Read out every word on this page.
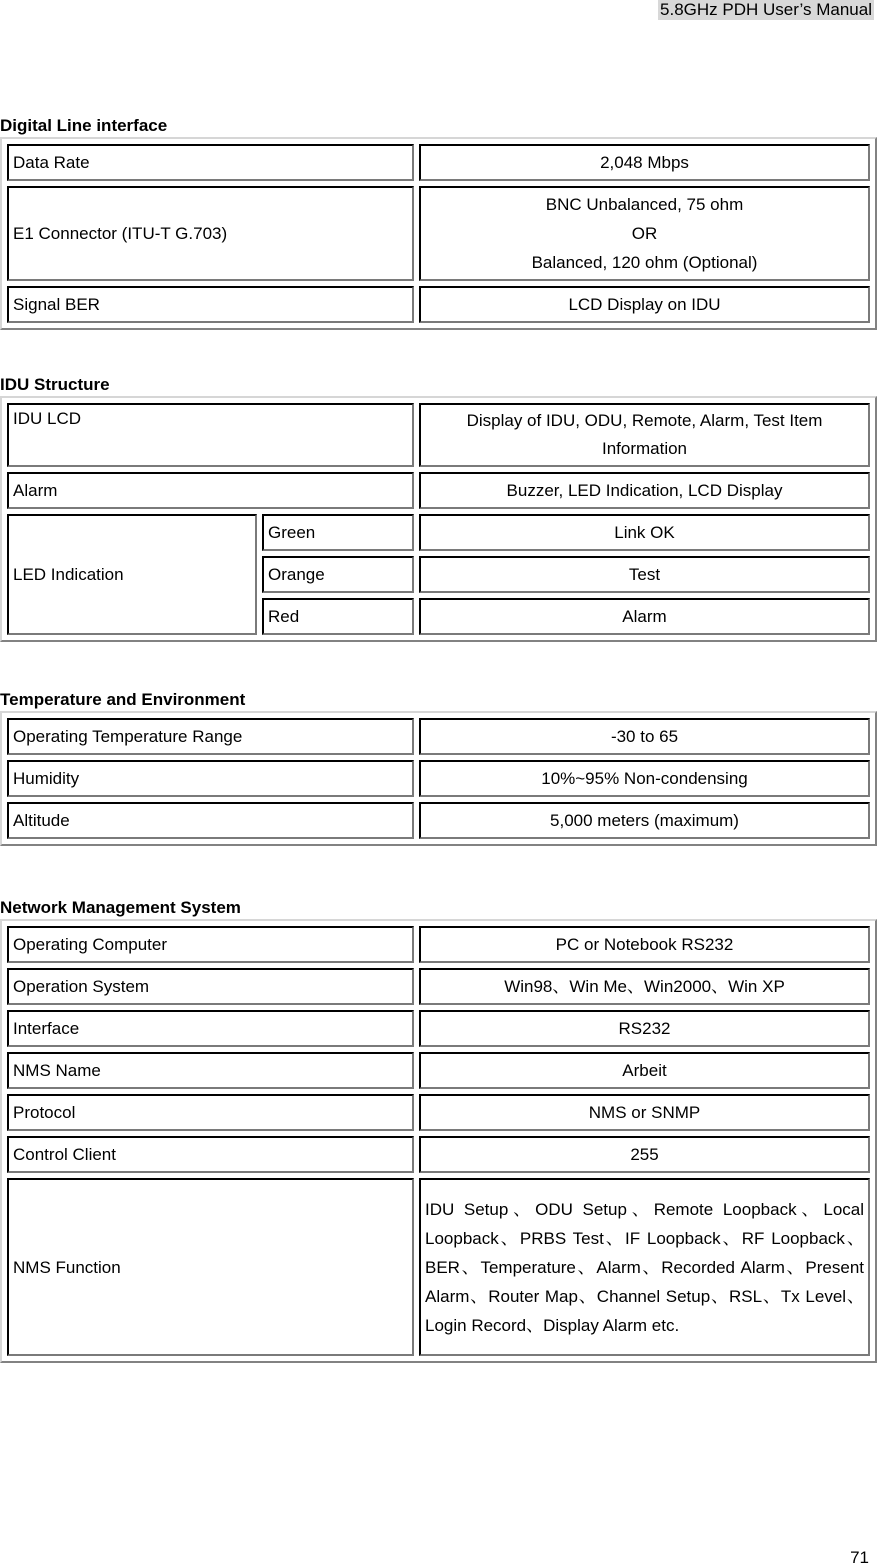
5.8GHz PDH User’s Manual
Digital Line interface
Data Rate	2,048 Mbps
E1 Connector (ITU-T G.703)	BNC Unbalanced, 75 ohm
OR
Balanced, 120 ohm (Optional)

Signal BER	LCD Display on IDU
IDU Structure
IDU LCD		Display of IDU, ODU, Remote, Alarm, Test Item Information
Alarm		Buzzer, LED Indication, LCD Display
LED Indication	Green	Link OK
	Orange	Test
	Red	Alarm
Temperature and Environment
Operating Temperature Range	-30 to 65
Humidity	10%~95% Non-condensing
Altitude	5,000 meters (maximum)
Network Management System
Operating Computer	PC or Notebook RS232
Operation System	Win98、Win Me、Win2000、Win XP
Interface	RS232
NMS Name	Arbeit
Protocol	NMS or SNMP
Control Client	255
NMS Function	IDU Setup、ODU Setup、Remote Loopback、Local Loopback、PRBS Test、IF Loopback、RF Loopback、BER、Temperature、Alarm、Recorded Alarm、Present Alarm、Router Map、Channel Setup、RSL、Tx Level、Login Record、Display Alarm etc.
71
